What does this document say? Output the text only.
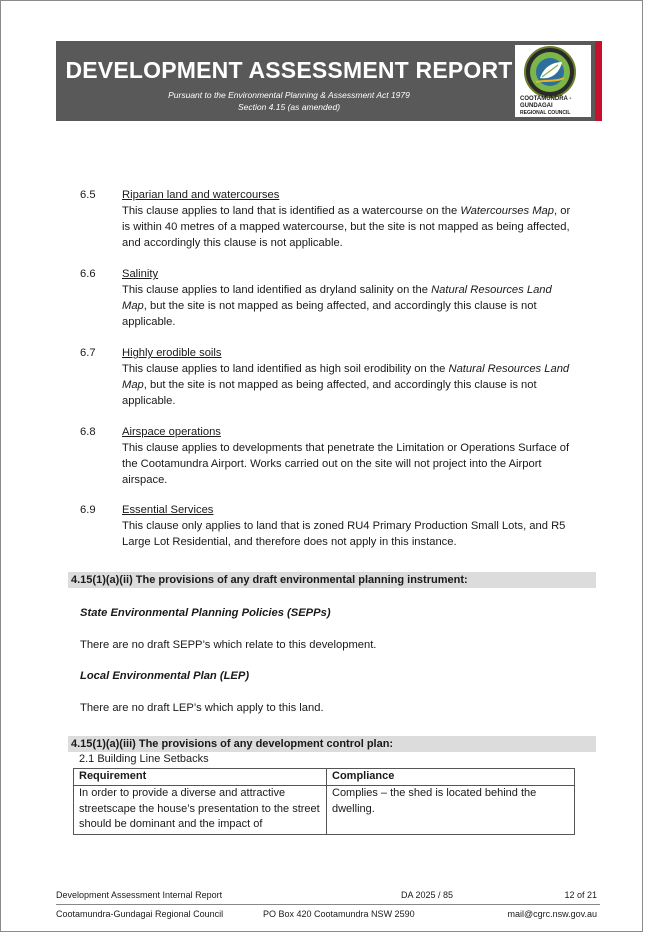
DEVELOPMENT ASSESSMENT REPORT
Pursuant to the Environmental Planning & Assessment Act 1979
Section 4.15 (as amended)
COOTAMUNDRA -
GUNDAGAI
REGIONAL COUNCIL
6.5 Riparian land and watercourses
This clause applies to land that is identified as a watercourse on the Watercourses Map, or is within 40 metres of a mapped watercourse, but the site is not mapped as being affected, and accordingly this clause is not applicable.
6.6 Salinity
This clause applies to land identified as dryland salinity on the Natural Resources Land Map, but the site is not mapped as being affected, and accordingly this clause is not applicable.
6.7 Highly erodible soils
This clause applies to land identified as high soil erodibility on the Natural Resources Land Map, but the site is not mapped as being affected, and accordingly this clause is not applicable.
6.8 Airspace operations
This clause applies to developments that penetrate the Limitation or Operations Surface of the Cootamundra Airport. Works carried out on the site will not project into the Airport airspace.
6.9 Essential Services
This clause only applies to land that is zoned RU4 Primary Production Small Lots, and R5 Large Lot Residential, and therefore does not apply in this instance.
4.15(1)(a)(ii) The provisions of any draft environmental planning instrument:
State Environmental Planning Policies (SEPPs)
There are no draft SEPP’s which relate to this development.
Local Environmental Plan (LEP)
There are no draft LEP’s which apply to this land.
4.15(1)(a)(iii) The provisions of any development control plan:
2.1 Building Line Setbacks
Requirement	Compliance
In order to provide a diverse and attractive streetscape the house’s presentation to the street should be dominant and the impact of	Complies – the shed is located behind the dwelling.
Development Assessment Internal Report	DA 2025 / 85	12 of 21
Cootamundra-Gundagai Regional Council	PO Box 420 Cootamundra NSW 2590	mail@cgrc.nsw.gov.au
